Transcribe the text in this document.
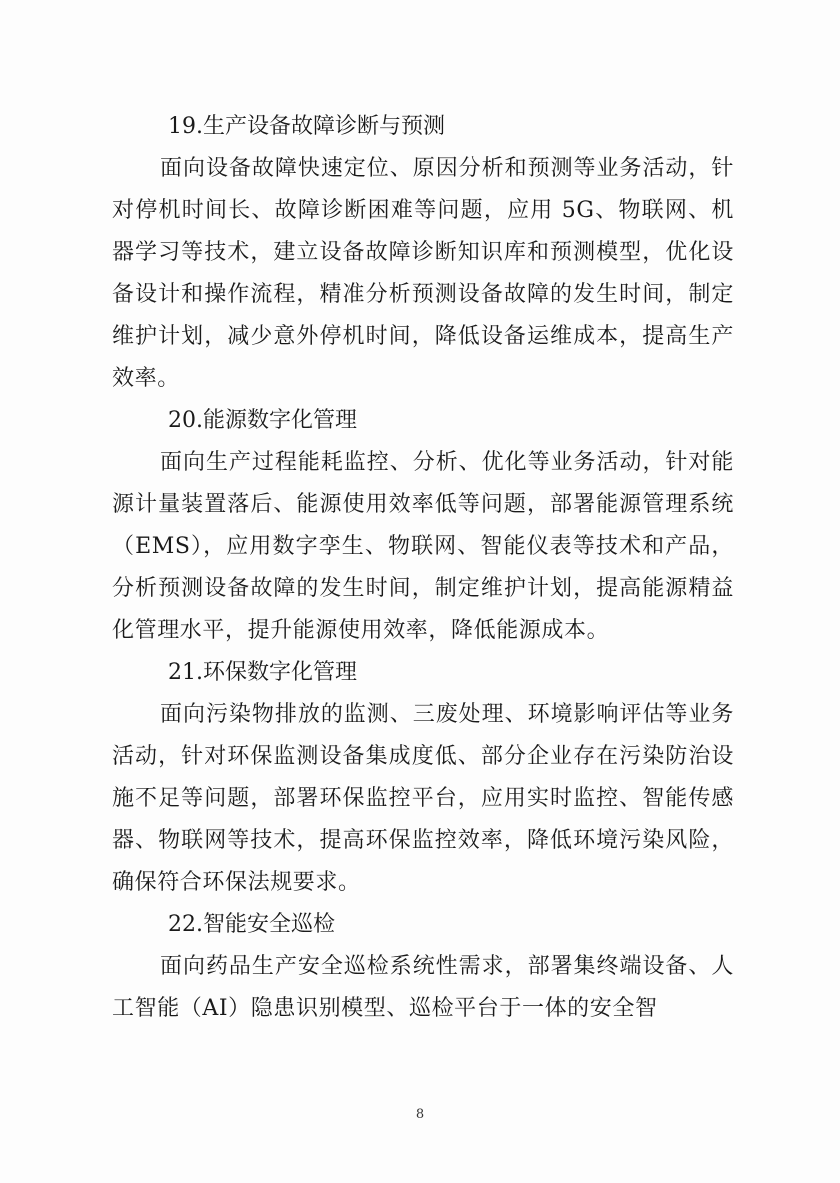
19.生产设备故障诊断与预测

面向设备故障快速定位、原因分析和预测等业务活动，针对停机时间长、故障诊断困难等问题，应用 5G、物联网、机器学习等技术，建立设备故障诊断知识库和预测模型，优化设备设计和操作流程，精准分析预测设备故障的发生时间，制定维护计划，减少意外停机时间，降低设备运维成本，提高生产效率。

20.能源数字化管理

面向生产过程能耗监控、分析、优化等业务活动，针对能源计量装置落后、能源使用效率低等问题，部署能源管理系统（EMS），应用数字孪生、物联网、智能仪表等技术和产品，分析预测设备故障的发生时间，制定维护计划，提高能源精益化管理水平，提升能源使用效率，降低能源成本。

21.环保数字化管理

面向污染物排放的监测、三废处理、环境影响评估等业务活动，针对环保监测设备集成度低、部分企业存在污染防治设施不足等问题，部署环保监控平台，应用实时监控、智能传感器、物联网等技术，提高环保监控效率，降低环境污染风险，确保符合环保法规要求。

22.智能安全巡检

面向药品生产安全巡检系统性需求，部署集终端设备、人工智能（AI）隐患识别模型、巡检平台于一体的安全智

8
